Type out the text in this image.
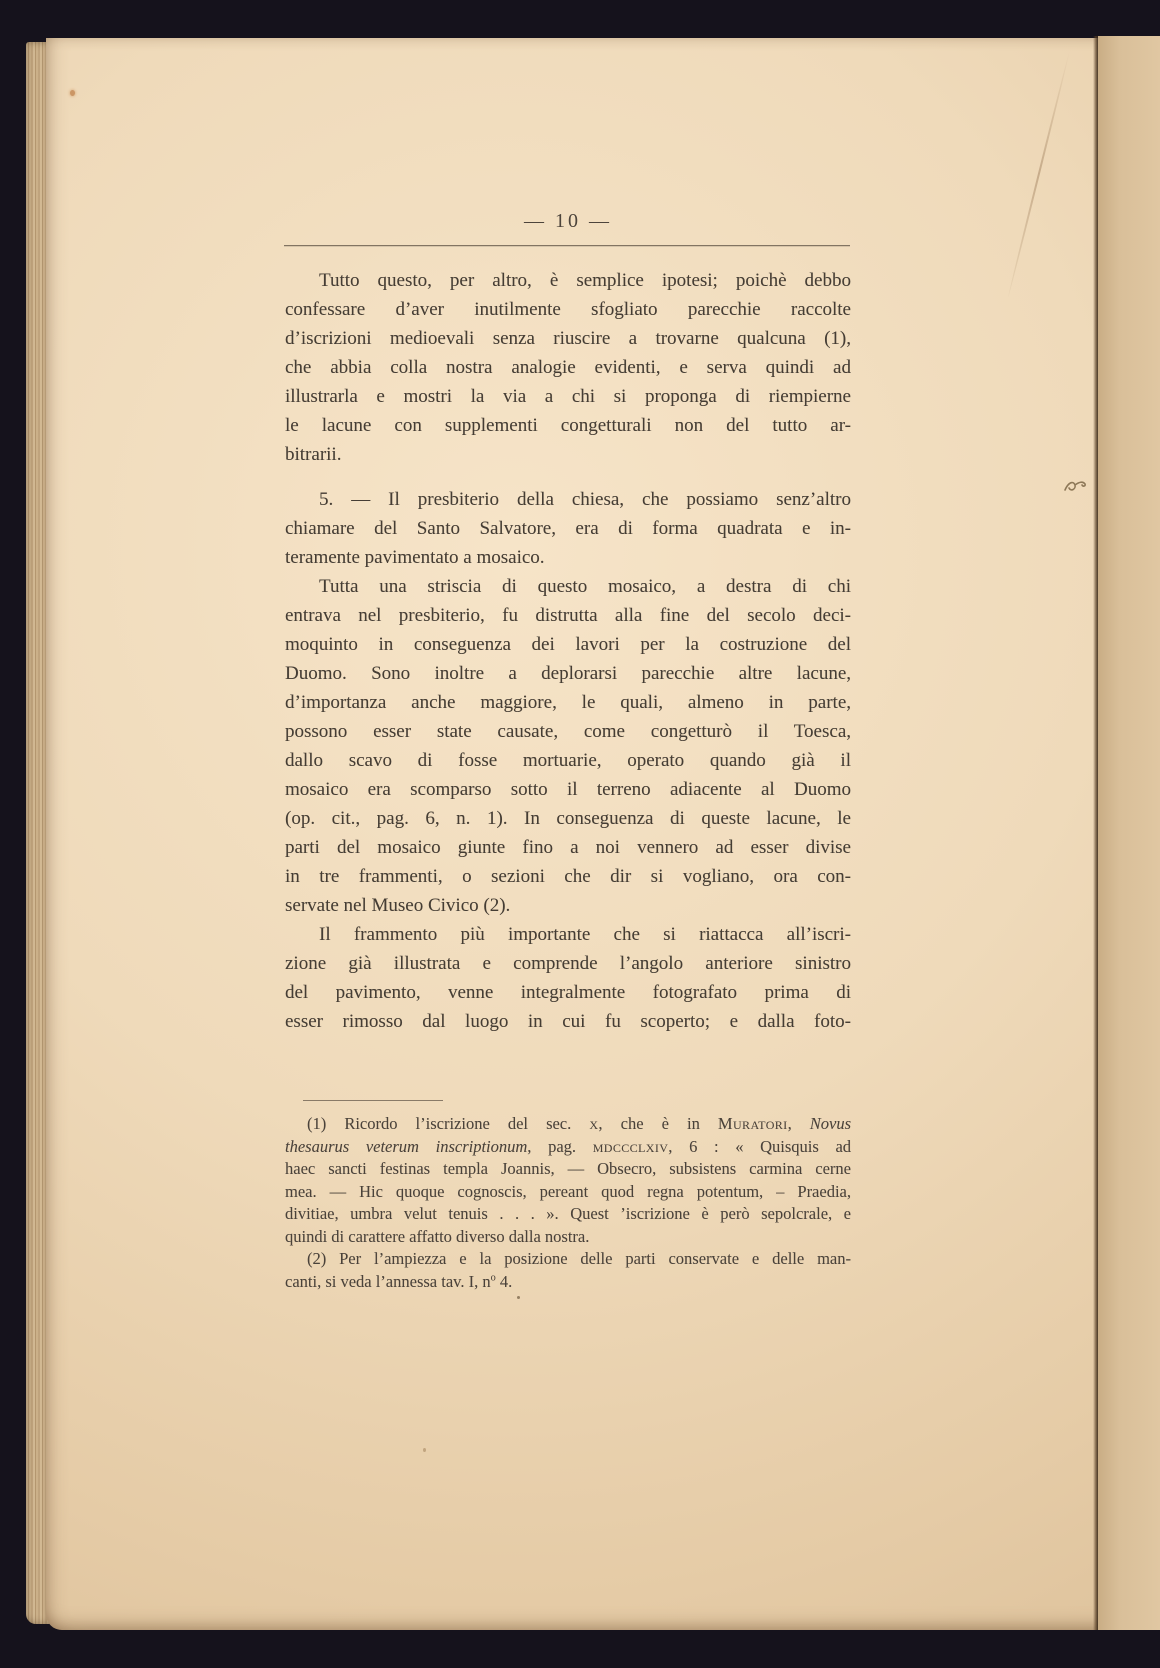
— 10 —
Tutto questo, per altro, è semplice ipotesi; poichè debbo
confessare d’aver inutilmente sfogliato parecchie raccolte
d’iscrizioni medioevali senza riuscire a trovarne qualcuna (1),
che abbia colla nostra analogie evidenti, e serva quindi ad
illustrarla e mostri la via a chi si proponga di riempierne
le lacune con supplementi congetturali non del tutto ar-
bitrarii.
5. — Il presbiterio della chiesa, che possiamo senz’altro
chiamare del Santo Salvatore, era di forma quadrata e in-
teramente pavimentato a mosaico.
Tutta una striscia di questo mosaico, a destra di chi
entrava nel presbiterio, fu distrutta alla fine del secolo deci-
moquinto in conseguenza dei lavori per la costruzione del
Duomo. Sono inoltre a deplorarsi parecchie altre lacune,
d’importanza anche maggiore, le quali, almeno in parte,
possono esser state causate, come congetturò il Toesca,
dallo scavo di fosse mortuarie, operato quando già il
mosaico era scomparso sotto il terreno adiacente al Duomo
(op. cit., pag. 6, n. 1). In conseguenza di queste lacune, le
parti del mosaico giunte fino a noi vennero ad esser divise
in tre frammenti, o sezioni che dir si vogliano, ora con-
servate nel Museo Civico (2).
Il frammento più importante che si riattacca all’iscri-
zione già illustrata e comprende l’angolo anteriore sinistro
del pavimento, venne integralmente fotografato prima di
esser rimosso dal luogo in cui fu scoperto; e dalla foto-
(1) Ricordo l’iscrizione del sec. x, che è in Muratori, Novus
thesaurus veterum inscriptionum, pag. mdccclxiv, 6 : « Quisquis ad
haec sancti festinas templa Joannis, — Obsecro, subsistens carmina cerne
mea. — Hic quoque cognoscis, pereant quod regna potentum, – Praedia,
divitiae, umbra velut tenuis . . . ». Quest ’iscrizione è però sepolcrale, e
quindi di carattere affatto diverso dalla nostra.
(2) Per l’ampiezza e la posizione delle parti conservate e delle man-
canti, si veda l’annessa tav. I, $n^o$ 4.
